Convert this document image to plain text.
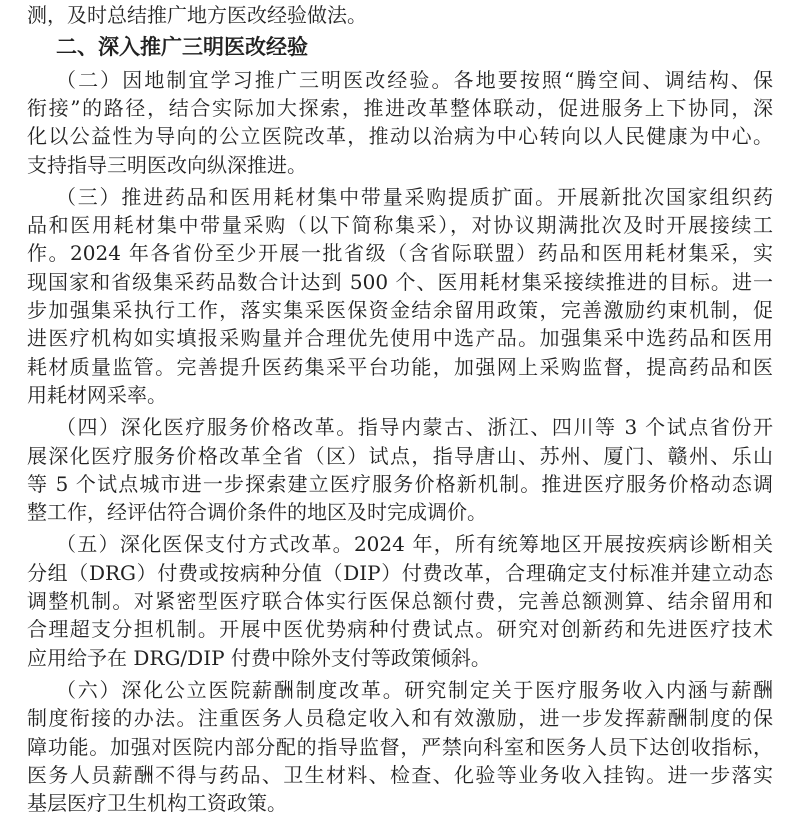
测，及时总结推广地方医改经验做法。
二、深入推广三明医改经验
（二）因地制宜学习推广三明医改经验。各地要按照“腾空间、调结构、保
衔接”的路径，结合实际加大探索，推进改革整体联动，促进服务上下协同，深
化以公益性为导向的公立医院改革，推动以治病为中心转向以人民健康为中心。
支持指导三明医改向纵深推进。
（三）推进药品和医用耗材集中带量采购提质扩面。开展新批次国家组织药
品和医用耗材集中带量采购（以下简称集采），对协议期满批次及时开展接续工
作。2024 年各省份至少开展一批省级（含省际联盟）药品和医用耗材集采，实
现国家和省级集采药品数合计达到 500 个、医用耗材集采接续推进的目标。进一
步加强集采执行工作，落实集采医保资金结余留用政策，完善激励约束机制，促
进医疗机构如实填报采购量并合理优先使用中选产品。加强集采中选药品和医用
耗材质量监管。完善提升医药集采平台功能，加强网上采购监督，提高药品和医
用耗材网采率。
（四）深化医疗服务价格改革。指导内蒙古、浙江、四川等 3 个试点省份开
展深化医疗服务价格改革全省（区）试点，指导唐山、苏州、厦门、赣州、乐山
等 5 个试点城市进一步探索建立医疗服务价格新机制。推进医疗服务价格动态调
整工作，经评估符合调价条件的地区及时完成调价。
（五）深化医保支付方式改革。2024 年，所有统筹地区开展按疾病诊断相关
分组（DRG）付费或按病种分值（DIP）付费改革，合理确定支付标准并建立动态
调整机制。对紧密型医疗联合体实行医保总额付费，完善总额测算、结余留用和
合理超支分担机制。开展中医优势病种付费试点。研究对创新药和先进医疗技术
应用给予在 DRG/DIP 付费中除外支付等政策倾斜。
（六）深化公立医院薪酬制度改革。研究制定关于医疗服务收入内涵与薪酬
制度衔接的办法。注重医务人员稳定收入和有效激励，进一步发挥薪酬制度的保
障功能。加强对医院内部分配的指导监督，严禁向科室和医务人员下达创收指标，
医务人员薪酬不得与药品、卫生材料、检查、化验等业务收入挂钩。进一步落实
基层医疗卫生机构工资政策。
